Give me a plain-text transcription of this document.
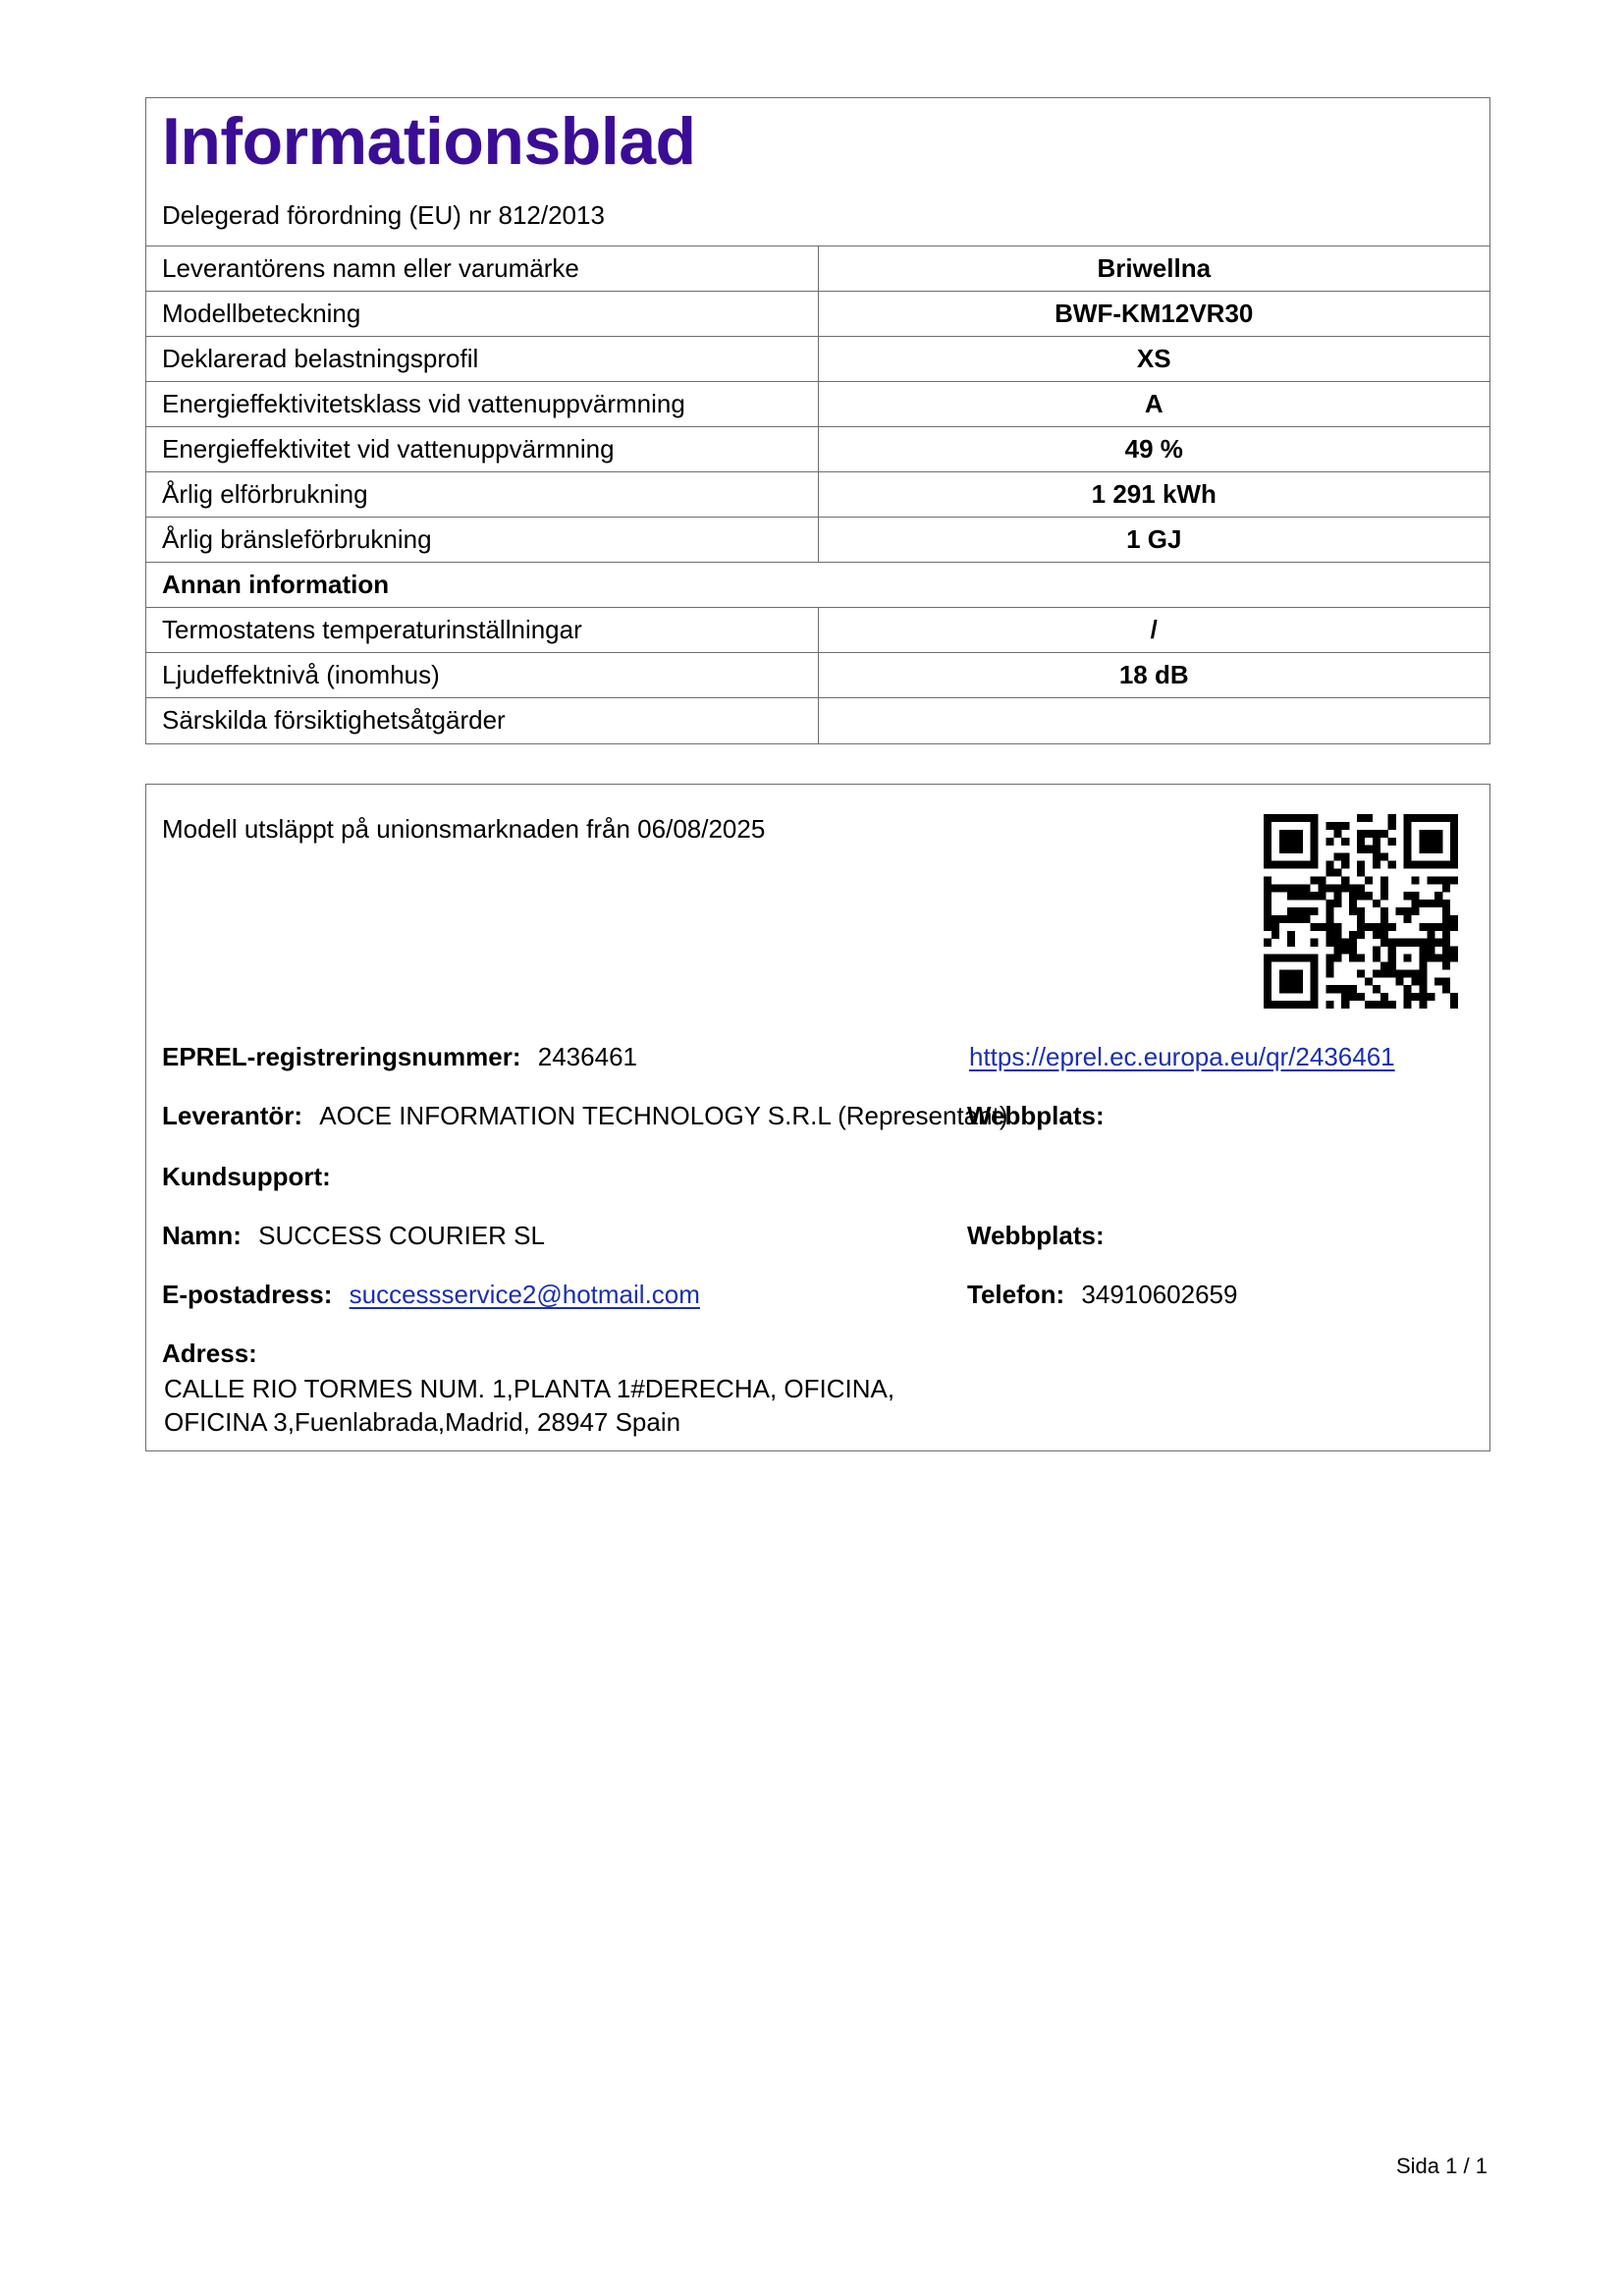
Informationsblad
Delegerad förordning (EU) nr 812/2013
Leverantörens namn eller varumärke	Briwellna
Modellbeteckning	BWF-KM12VR30
Deklarerad belastningsprofil	XS
Energieffektivitetsklass vid vattenuppvärmning	A
Energieffektivitet vid vattenuppvärmning	49 %
Årlig elförbrukning	1 291 kWh
Årlig bränsleförbrukning	1 GJ
Annan information	
Termostatens temperaturinställningar	/
Ljudeffektnivå (inomhus)	18 dB
Särskilda försiktighetsåtgärder	
Modell utsläppt på unionsmarknaden från 06/08/2025
EPREL-registreringsnummer: 2436461	https://eprel.ec.europa.eu/qr/2436461
Leverantör: AOCE INFORMATION TECHNOLOGY S.R.L (Representant)
Webbplats:
Kundsupport:
Namn: SUCCESS COURIER SL	Webbplats:
E-postadress: successservice2@hotmail.com	Telefon: 34910602659
Adress:
CALLE RIO TORMES NUM. 1,PLANTA 1#DERECHA, OFICINA,
OFICINA 3,Fuenlabrada,Madrid, 28947 Spain
Sida 1 / 1
